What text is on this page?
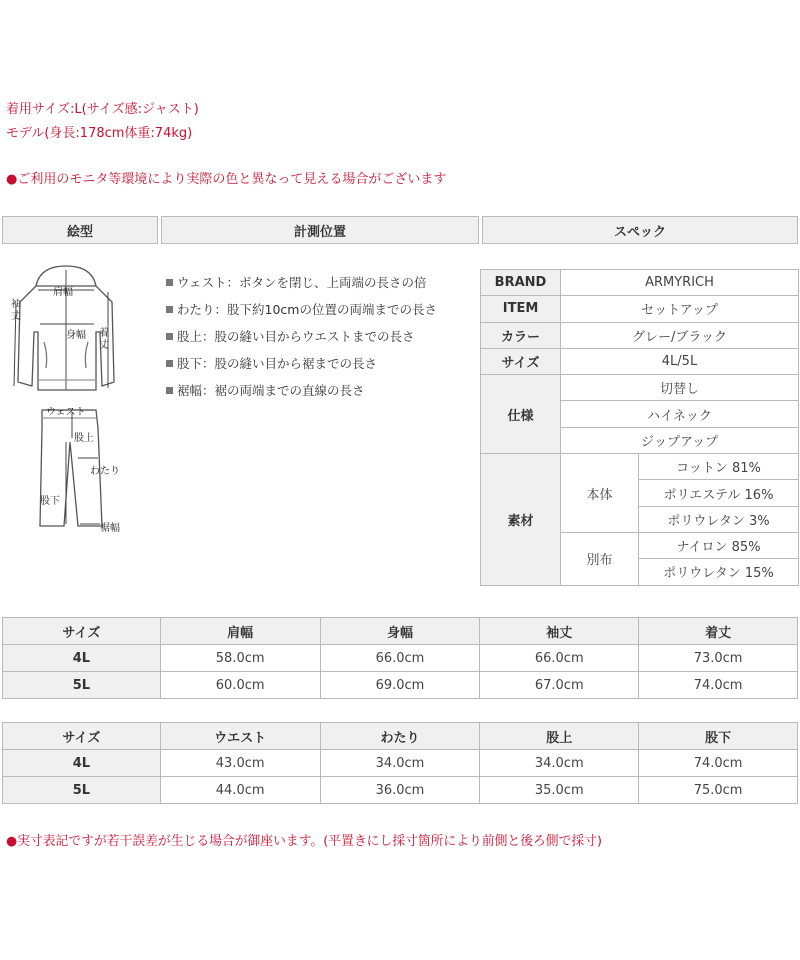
着用サイズ:L(サイズ感:ジャスト)
モデル(身長:178cm体重:74kg)
●ご利用のモニタ等環境により実際の色と異なって見える場合がございます
絵型	計測位置	スペック
肩幅
袖
丈
身幅 着
丈
ウェスト
股上
わたり
股下
裾幅
ウェスト：ボタンを閉じ、上両端の長さの倍
わたり：股下約10cmの位置の両端までの長さ
股上：股の縫い目からウエストまでの長さ
股下：股の縫い目から裾までの長さ
裾幅：裾の両端までの直線の長さ
BRAND	ARMYRICH	
ITEM	セットアップ	
カラー	グレー/ブラック	
サイズ	4L/5L	
仕様	切替し	
	ハイネック	
	ジップアップ	
素材	本体	コットン 81%
		ポリエステル 16%
		ポリウレタン 3%
	別布	ナイロン 85%
		ポリウレタン 15%
サイズ	肩幅	身幅	袖丈	着丈
4L	58.0cm	66.0cm	66.0cm	73.0cm
5L	60.0cm	69.0cm	67.0cm	74.0cm
サイズ	ウエスト	わたり	股上	股下
4L	43.0cm	34.0cm	34.0cm	74.0cm
5L	44.0cm	36.0cm	35.0cm	75.0cm
●実寸表記ですが若干誤差が生じる場合が御座います。(平置きにし採寸箇所により前側と後ろ側で採寸)
